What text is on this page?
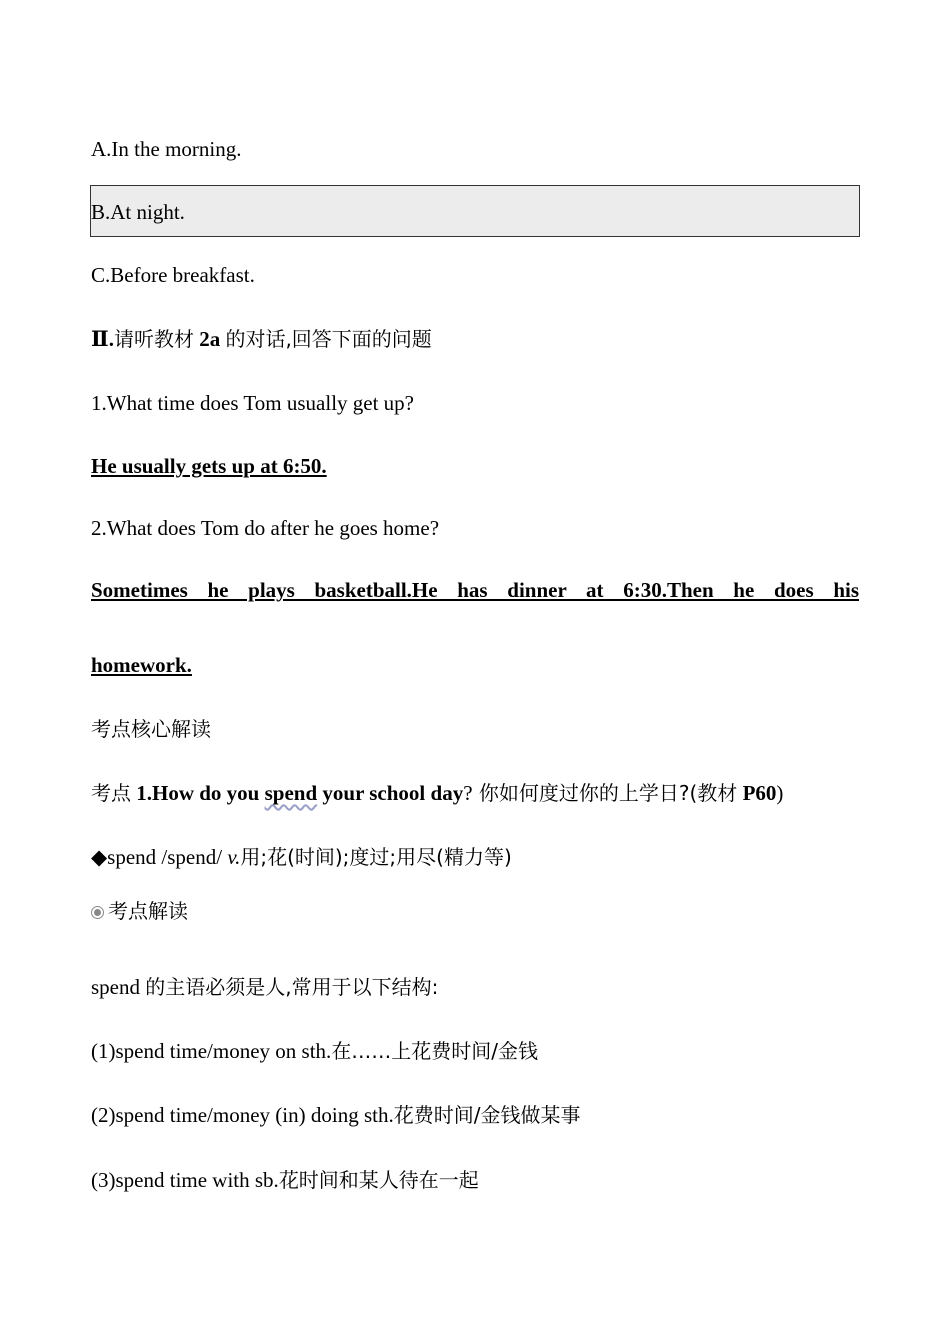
A.In the morning.
B.At night.
C.Before breakfast.
Ⅱ.请听教材 2a 的对话,回答下面的问题
1.What time does Tom usually get up?
He usually gets up at 6:50.
2.What does Tom do after he goes home?
Sometimes he plays basketball.He has dinner at 6:30.Then he does his
homework.
考点核心解读
考点 1.How do you spend your school day? 你如何度过你的上学日?(教材 P60)
◆spend /spend/ v.用;花(时间);度过;用尽(精力等)
考点解读
spend 的主语必须是人,常用于以下结构:
(1)spend time/money on sth.在……上花费时间/金钱
(2)spend time/money (in) doing sth.花费时间/金钱做某事
(3)spend time with sb.花时间和某人待在一起
